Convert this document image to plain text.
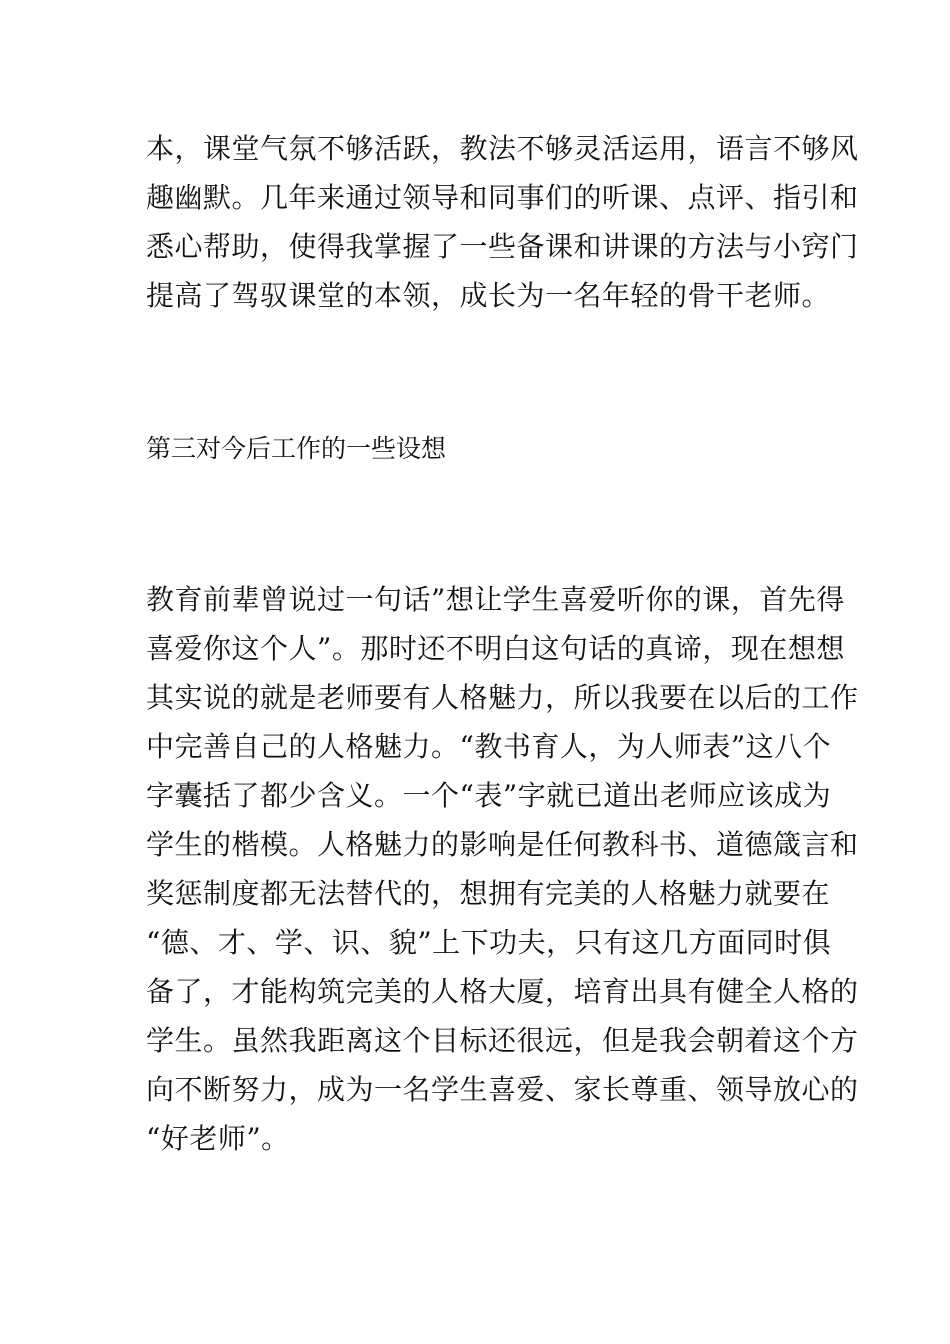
本，课堂气氛不够活跃，教法不够灵活运用，语言不够风
趣幽默。几年来通过领导和同事们的听课、点评、指引和
悉心帮助，使得我掌握了一些备课和讲课的方法与小窍门
提高了驾驭课堂的本领，成长为一名年轻的骨干老师。
第三对今后工作的一些设想
教育前辈曾说过一句话”想让学生喜爱听你的课，首先得
喜爱你这个人”。那时还不明白这句话的真谛，现在想想
其实说的就是老师要有人格魅力，所以我要在以后的工作
中完善自己的人格魅力。“教书育人，为人师表”这八个
字囊括了都少含义。一个“表”字就已道出老师应该成为
学生的楷模。人格魅力的影响是任何教科书、道德箴言和
奖惩制度都无法替代的，想拥有完美的人格魅力就要在
“德、才、学、识、貌”上下功夫，只有这几方面同时俱
备了，才能构筑完美的人格大厦，培育出具有健全人格的
学生。虽然我距离这个目标还很远，但是我会朝着这个方
向不断努力，成为一名学生喜爱、家长尊重、领导放心的
“好老师”。
